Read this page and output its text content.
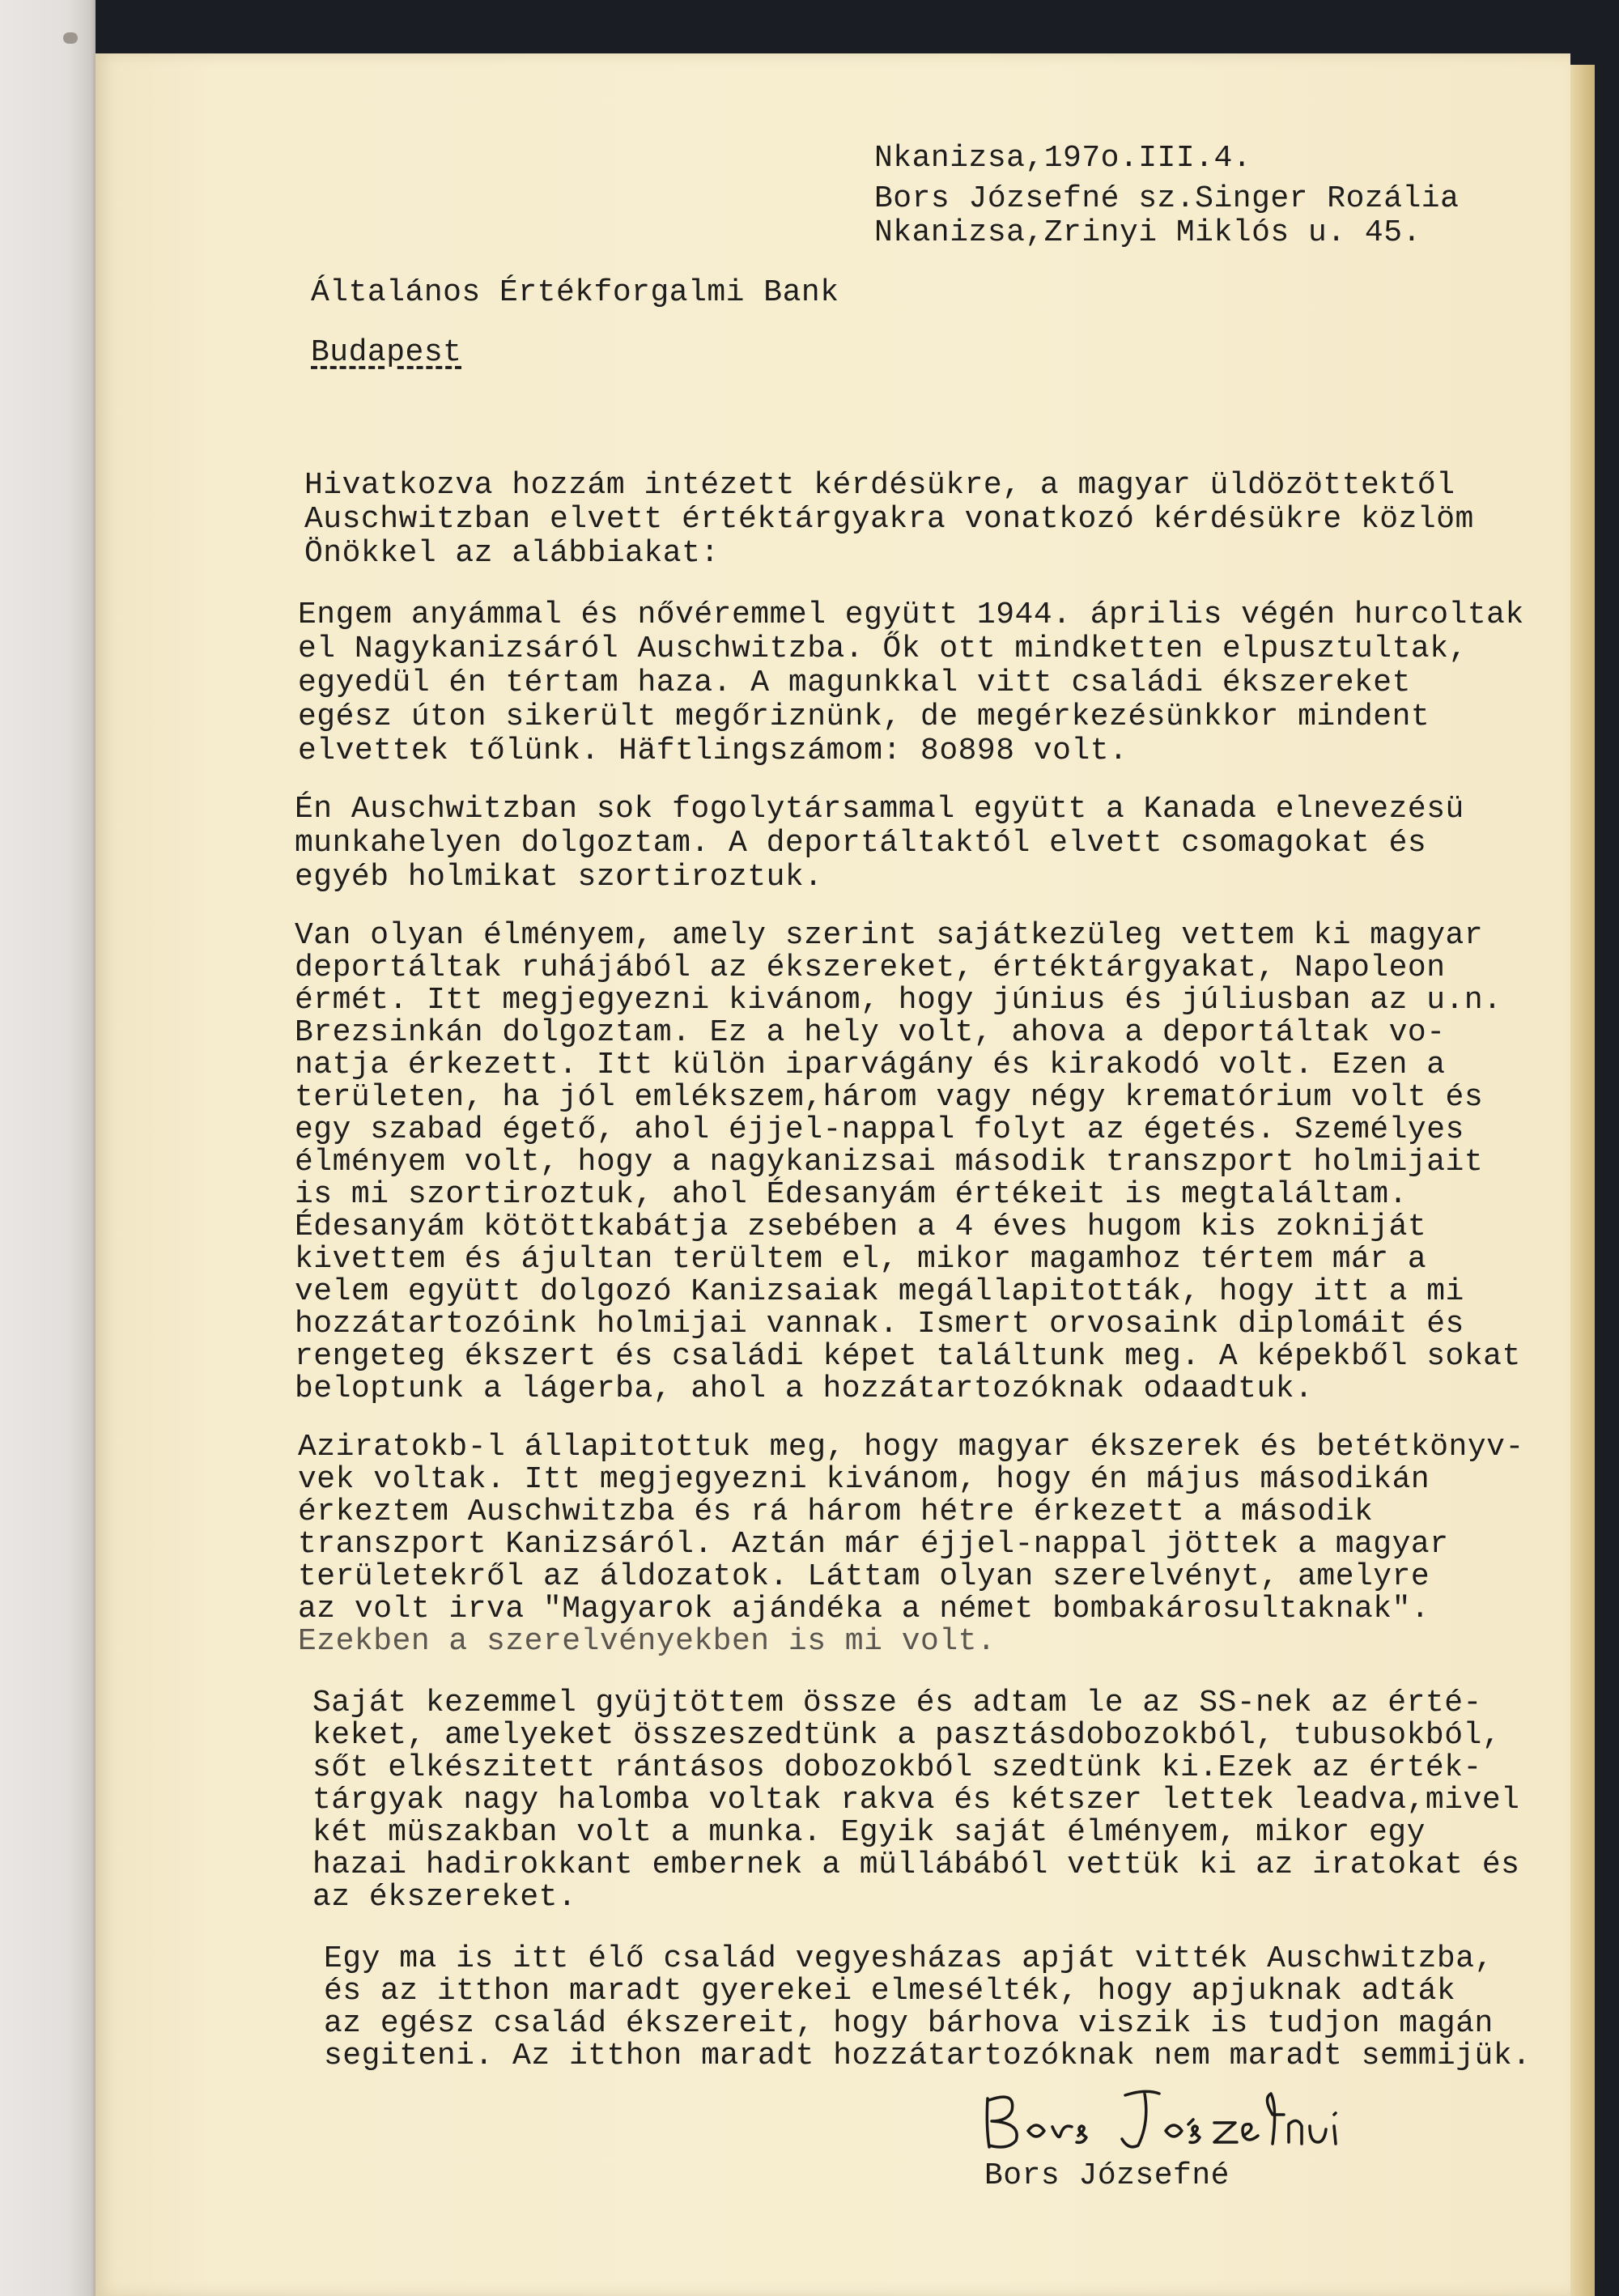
Nkanizsa,197o.III.4.
Bors Józsefné sz.Singer Rozália
Nkanizsa,Zrinyi Miklós u. 45.
Általános Értékforgalmi Bank
Budapest
Hivatkozva hozzám intézett kérdésükre, a magyar üldözöttektől
Auschwitzban elvett értéktárgyakra vonatkozó kérdésükre közlöm
Önökkel az alábbiakat:
Engem anyámmal és nővéremmel együtt 1944. április végén hurcoltak
el Nagykanizsáról Auschwitzba. Ők ott mindketten elpusztultak,
egyedül én tértam haza. A magunkkal vitt családi ékszereket
egész úton sikerült megőriznünk, de megérkezésünkkor mindent
elvettek tőlünk. Häftlingszámom: 8o898 volt.
Én Auschwitzban sok fogolytársammal együtt a Kanada elnevezésü
munkahelyen dolgoztam. A deportáltaktól elvett csomagokat és
egyéb holmikat szortiroztuk.
Van olyan élményem, amely szerint sajátkezüleg vettem ki magyar
deportáltak ruhájából az ékszereket, értéktárgyakat, Napoleon
érmét. Itt megjegyezni kivánom, hogy június és júliusban az u.n.
Brezsinkán dolgoztam. Ez a hely volt, ahova a deportáltak vo-
natja érkezett. Itt külön iparvágány és kirakodó volt. Ezen a
területen, ha jól emlékszem,három vagy négy krematórium volt és
egy szabad égető, ahol éjjel-nappal folyt az égetés. Személyes
élményem volt, hogy a nagykanizsai második transzport holmijait
is mi szortiroztuk, ahol Édesanyám értékeit is megtaláltam.
Édesanyám kötöttkabátja zsebében a 4 éves hugom kis zokniját
kivettem és ájultan terültem el, mikor magamhoz tértem már a
velem együtt dolgozó Kanizsaiak megállapitották, hogy itt a mi
hozzátartozóink holmijai vannak. Ismert orvosaink diplomáit és
rengeteg ékszert és családi képet találtunk meg. A képekből sokat
beloptunk a lágerba, ahol a hozzátartozóknak odaadtuk.
Aziratokb-l állapitottuk meg, hogy magyar ékszerek és betétkönyv-
vek voltak. Itt megjegyezni kivánom, hogy én május másodikán
érkeztem Auschwitzba és rá három hétre érkezett a második
transzport Kanizsáról. Aztán már éjjel-nappal jöttek a magyar
területekről az áldozatok. Láttam olyan szerelvényt, amelyre
az volt irva "Magyarok ajándéka a német bombakárosultaknak".
Ezekben a szerelvényekben is mi volt.
Saját kezemmel gyüjtöttem össze és adtam le az SS-nek az érté-
keket, amelyeket összeszedtünk a pasztásdobozokból, tubusokból,
sőt elkészitett rántásos dobozokból szedtünk ki.Ezek az érték-
tárgyak nagy halomba voltak rakva és kétszer lettek leadva,mivel
két müszakban volt a munka. Egyik saját élményem, mikor egy
hazai hadirokkant embernek a müllábából vettük ki az iratokat és
az ékszereket.
Egy ma is itt élő család vegyesházas apját vitték Auschwitzba,
és az itthon maradt gyerekei elmesélték, hogy apjuknak adták
az egész család ékszereit, hogy bárhova viszik is tudjon magán
segiteni. Az itthon maradt hozzátartozóknak nem maradt semmijük.
Bors Józsefné
